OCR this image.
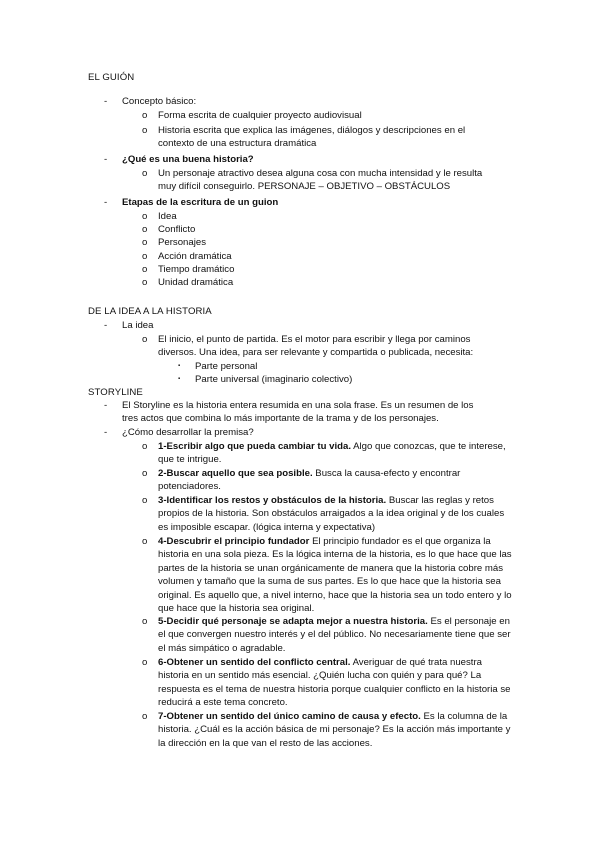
EL GUIÓN
- Concepto básico:
o Forma escrita de cualquier proyecto audiovisual
o Historia escrita que explica las imágenes, diálogos y descripciones en el contexto de una estructura dramática
- ¿Qué es una buena historia?
o Un personaje atractivo desea alguna cosa con mucha intensidad y le resulta muy difícil conseguirlo. PERSONAJE – OBJETIVO – OBSTÁCULOS
- Etapas de la escritura de un guion
o Idea
o Conflicto
o Personajes
o Acción dramática
o Tiempo dramático
o Unidad dramática
DE LA IDEA A LA HISTORIA
- La idea
o El inicio, el punto de partida. Es el motor para escribir y llega por caminos diversos. Una idea, para ser relevante y compartida o publicada, necesita:
▪ Parte personal
▪ Parte universal (imaginario colectivo)
STORYLINE
- El Storyline es la historia entera resumida en una sola frase. Es un resumen de los tres actos que combina lo más importante de la trama y de los personajes.
- ¿Cómo desarrollar la premisa?
o 1-Escribir algo que pueda cambiar tu vida. Algo que conozcas, que te interese, que te intrigue.
o 2-Buscar aquello que sea posible. Busca la causa-efecto y encontrar potenciadores.
o 3-Identificar los restos y obstáculos de la historia. Buscar las reglas y retos propios de la historia. Son obstáculos arraigados a la idea original y de los cuales es imposible escapar. (lógica interna y expectativa)
o 4-Descubrir el principio fundador El principio fundador es el que organiza la historia en una sola pieza. Es la lógica interna de la historia, es lo que hace que las partes de la historia se unan orgánicamente de manera que la historia cobre más volumen y tamaño que la suma de sus partes. Es lo que hace que la historia sea original. Es aquello que, a nivel interno, hace que la historia sea un todo entero y lo que hace que la historia sea original.
o 5-Decidir qué personaje se adapta mejor a nuestra historia. Es el personaje en el que convergen nuestro interés y el del público. No necesariamente tiene que ser el más simpático o agradable.
o 6-Obtener un sentido del conflicto central. Averiguar de qué trata nuestra historia en un sentido más esencial. ¿Quién lucha con quién y para qué? La respuesta es el tema de nuestra historia porque cualquier conflicto en la historia se reducirá a este tema concreto.
o 7-Obtener un sentido del único camino de causa y efecto. Es la columna de la historia. ¿Cuál es la acción básica de mi personaje? Es la acción más importante y la dirección en la que van el resto de las acciones.
